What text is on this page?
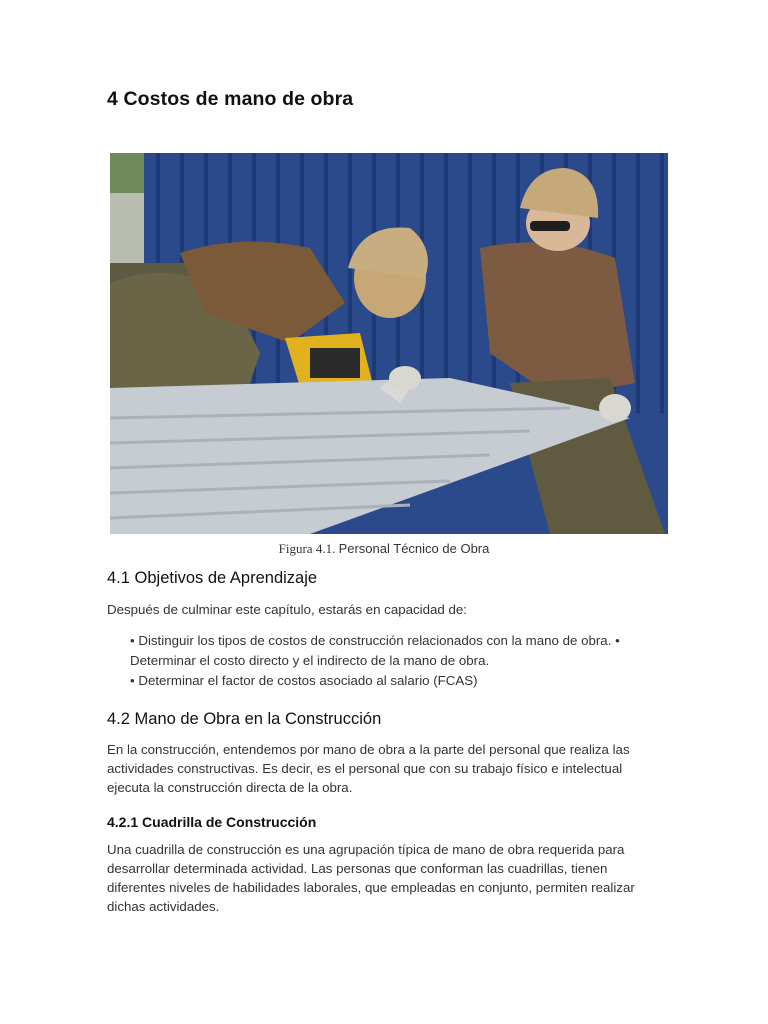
4 Costos de mano de obra
Figura 4.1. Personal Técnico de Obra
4.1 Objetivos de Aprendizaje

Después de culminar este capítulo, estarás en capacidad de:

• Distinguir los tipos de costos de construcción relacionados con la mano de obra. • Determinar el costo directo y el indirecto de la mano de obra.
• Determinar el factor de costos asociado al salario (FCAS)
4.2 Mano de Obra en la Construcción

En la construcción, entendemos por mano de obra a la parte del personal que realiza las actividades constructivas. Es decir, es el personal que con su trabajo físico e intelectual ejecuta la construcción directa de la obra.

4.2.1 Cuadrilla de Construcción

Una cuadrilla de construcción es una agrupación típica de mano de obra requerida para desarrollar determinada actividad. Las personas que conforman las cuadrillas, tienen diferentes niveles de habilidades laborales, que empleadas en conjunto, permiten realizar dichas actividades.
